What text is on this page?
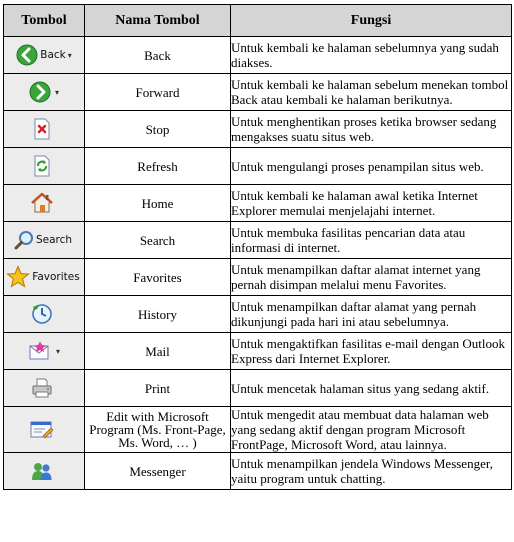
Tombol	Nama Tombol	Fungsi

Back ▾	Back	Untuk kembali ke halaman sebelumnya yang sudah diakses.

▾	Forward	Untuk kembali ke halaman sebelum menekan tombol Back atau kembali ke halaman berikutnya.

	Stop	Untuk menghentikan proses ketika browser sedang mengakses suatu situs web.

	Refresh	Untuk mengulangi proses penampilan situs web.

	Home	Untuk kembali ke halaman awal ketika Internet Explorer memulai menjelajahi internet.

Search	Search	Untuk membuka fasilitas pencarian data atau informasi di internet.

Favorites	Favorites	Untuk menampilkan daftar alamat internet yang pernah disimpan melalui menu Favorites.

	History	Untuk menampilkan daftar alamat yang pernah dikunjungi pada hari ini atau sebelumnya.

▾	Mail	Untuk mengaktifkan fasilitas e-mail dengan Outlook Express dari Internet Explorer.

	Print	Untuk mencetak halaman situs yang sedang aktif.

	Edit with Microsoft Program (Ms. Front-Page, Ms. Word, … )	Untuk mengedit atau membuat data halaman web yang sedang aktif dengan program Microsoft FrontPage, Microsoft Word, atau lainnya.

	Messenger	Untuk menampilkan jendela Windows Messenger, yaitu program untuk chatting.
